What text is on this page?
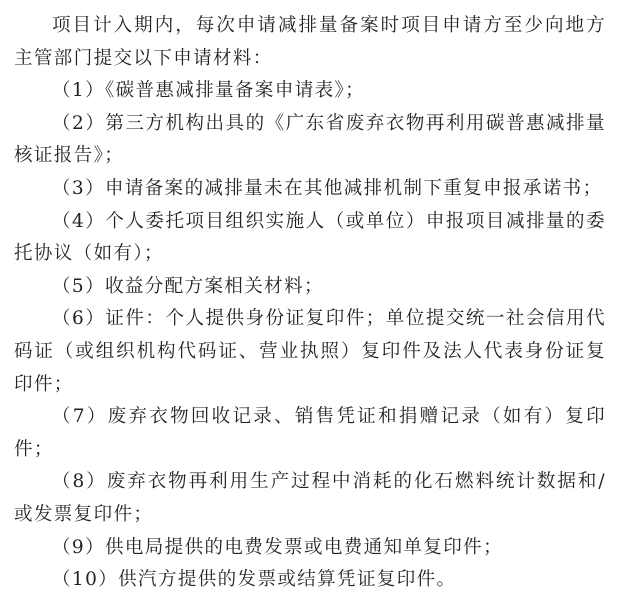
项目计入期内，每次申请减排量备案时项目申请方至少向地方主管部门提交以下申请材料：

（1）《碳普惠减排量备案申请表》；

（2）第三方机构出具的《广东省废弃衣物再利用碳普惠减排量核证报告》；

（3）申请备案的减排量未在其他减排机制下重复申报承诺书；

（4）个人委托项目组织实施人（或单位）申报项目减排量的委托协议（如有）；

（5）收益分配方案相关材料；

（6）证件：个人提供身份证复印件；单位提交统一社会信用代码证（或组织机构代码证、营业执照）复印件及法人代表身份证复印件；

（7）废弃衣物回收记录、销售凭证和捐赠记录（如有）复印件；

（8）废弃衣物再利用生产过程中消耗的化石燃料统计数据和/或发票复印件；

（9）供电局提供的电费发票或电费通知单复印件；

（10）供汽方提供的发票或结算凭证复印件。
